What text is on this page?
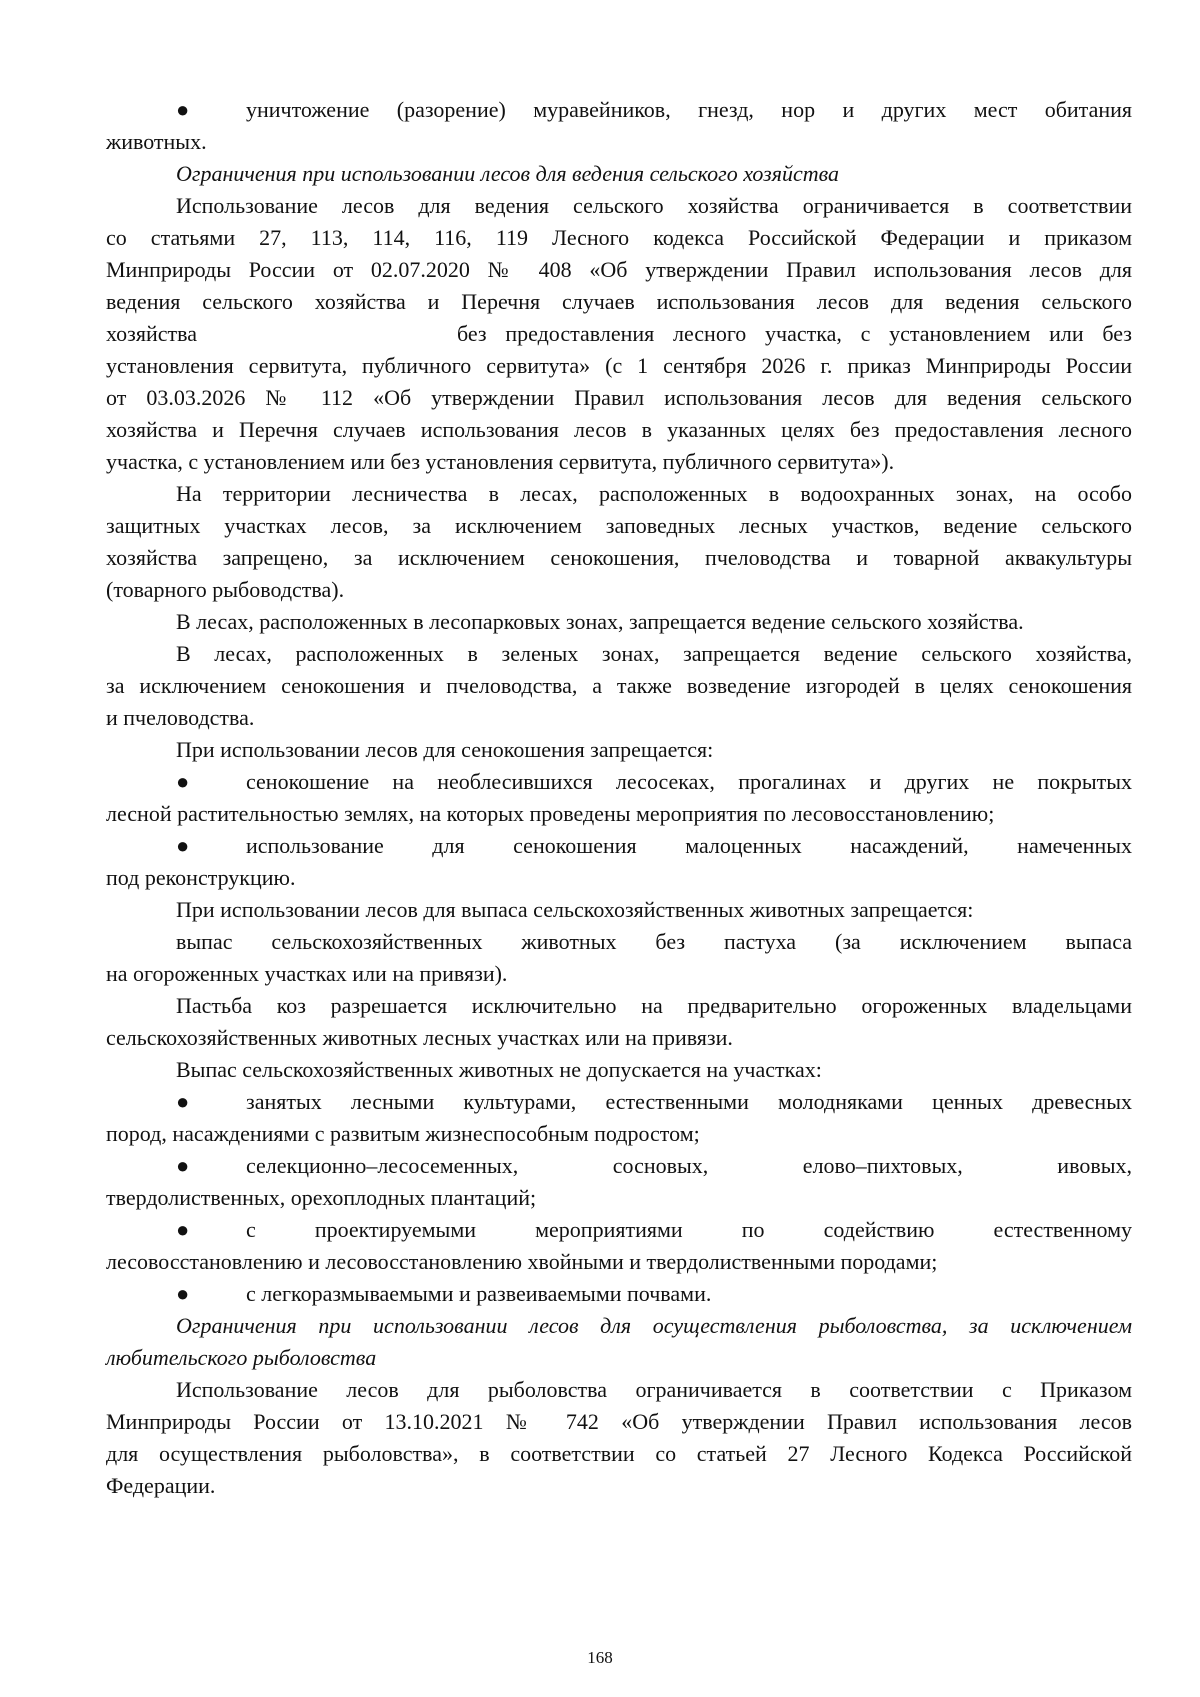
●	уничтожение (разорение) муравейников, гнезд, нор и других мест обитания
животных.
Ограничения при использовании лесов для ведения сельского хозяйства
Использование лесов для ведения сельского хозяйства ограничивается в соответствии
со статьями 27, 113, 114, 116, 119 Лесного кодекса Российской Федерации и приказом
Минприроды России от 02.07.2020 № 408 «Об утверждении Правил использования лесов для
ведения сельского хозяйства и Перечня случаев использования лесов для ведения сельского
хозяйства	без предоставления лесного участка, с установлением или без
установления сервитута, публичного сервитута» (с 1 сентября 2026 г. приказ Минприроды России
от 03.03.2026 № 112 «Об утверждении Правил использования лесов для ведения сельского
хозяйства и Перечня случаев использования лесов в указанных целях без предоставления лесного
участка, с установлением или без установления сервитута, публичного сервитута»).
На территории лесничества в лесах, расположенных в водоохранных зонах, на особо
защитных участках лесов, за исключением заповедных лесных участков, ведение сельского
хозяйства запрещено, за исключением сенокошения, пчеловодства и товарной аквакультуры
(товарного рыбоводства).
В лесах, расположенных в лесопарковых зонах, запрещается ведение сельского хозяйства.
В лесах, расположенных в зеленых зонах, запрещается ведение сельского хозяйства,
за исключением сенокошения и пчеловодства, а также возведение изгородей в целях сенокошения
и пчеловодства.
При использовании лесов для сенокошения запрещается:
●	сенокошение на необлесившихся лесосеках, прогалинах и других не покрытых
лесной растительностью землях, на которых проведены мероприятия по лесовосстановлению;
●	использование для сенокошения малоценных насаждений, намеченных
под реконструкцию.
При использовании лесов для выпаса сельскохозяйственных животных запрещается:
выпас сельскохозяйственных животных без пастуха (за исключением выпаса
на огороженных участках или на привязи).
Пастьба коз разрешается исключительно на предварительно огороженных владельцами
сельскохозяйственных животных лесных участках или на привязи.
Выпас сельскохозяйственных животных не допускается на участках:
●	занятых лесными культурами, естественными молодняками ценных древесных
пород, насаждениями с развитым жизнеспособным подростом;
●	селекционно–лесосеменных, сосновых, елово–пихтовых, ивовых,
твердолиственных, орехоплодных плантаций;
●	с проектируемыми мероприятиями по содействию естественному
лесовосстановлению и лесовосстановлению хвойными и твердолиственными породами;
●	с легкоразмываемыми и развеиваемыми почвами.
Ограничения при использовании лесов для осуществления рыболовства, за исключением
любительского рыболовства
Использование лесов для рыболовства ограничивается в соответствии с Приказом
Минприроды России от 13.10.2021 № 742 «Об утверждении Правил использования лесов
для осуществления рыболовства», в соответствии со статьей 27 Лесного Кодекса Российской
Федерации.
168
